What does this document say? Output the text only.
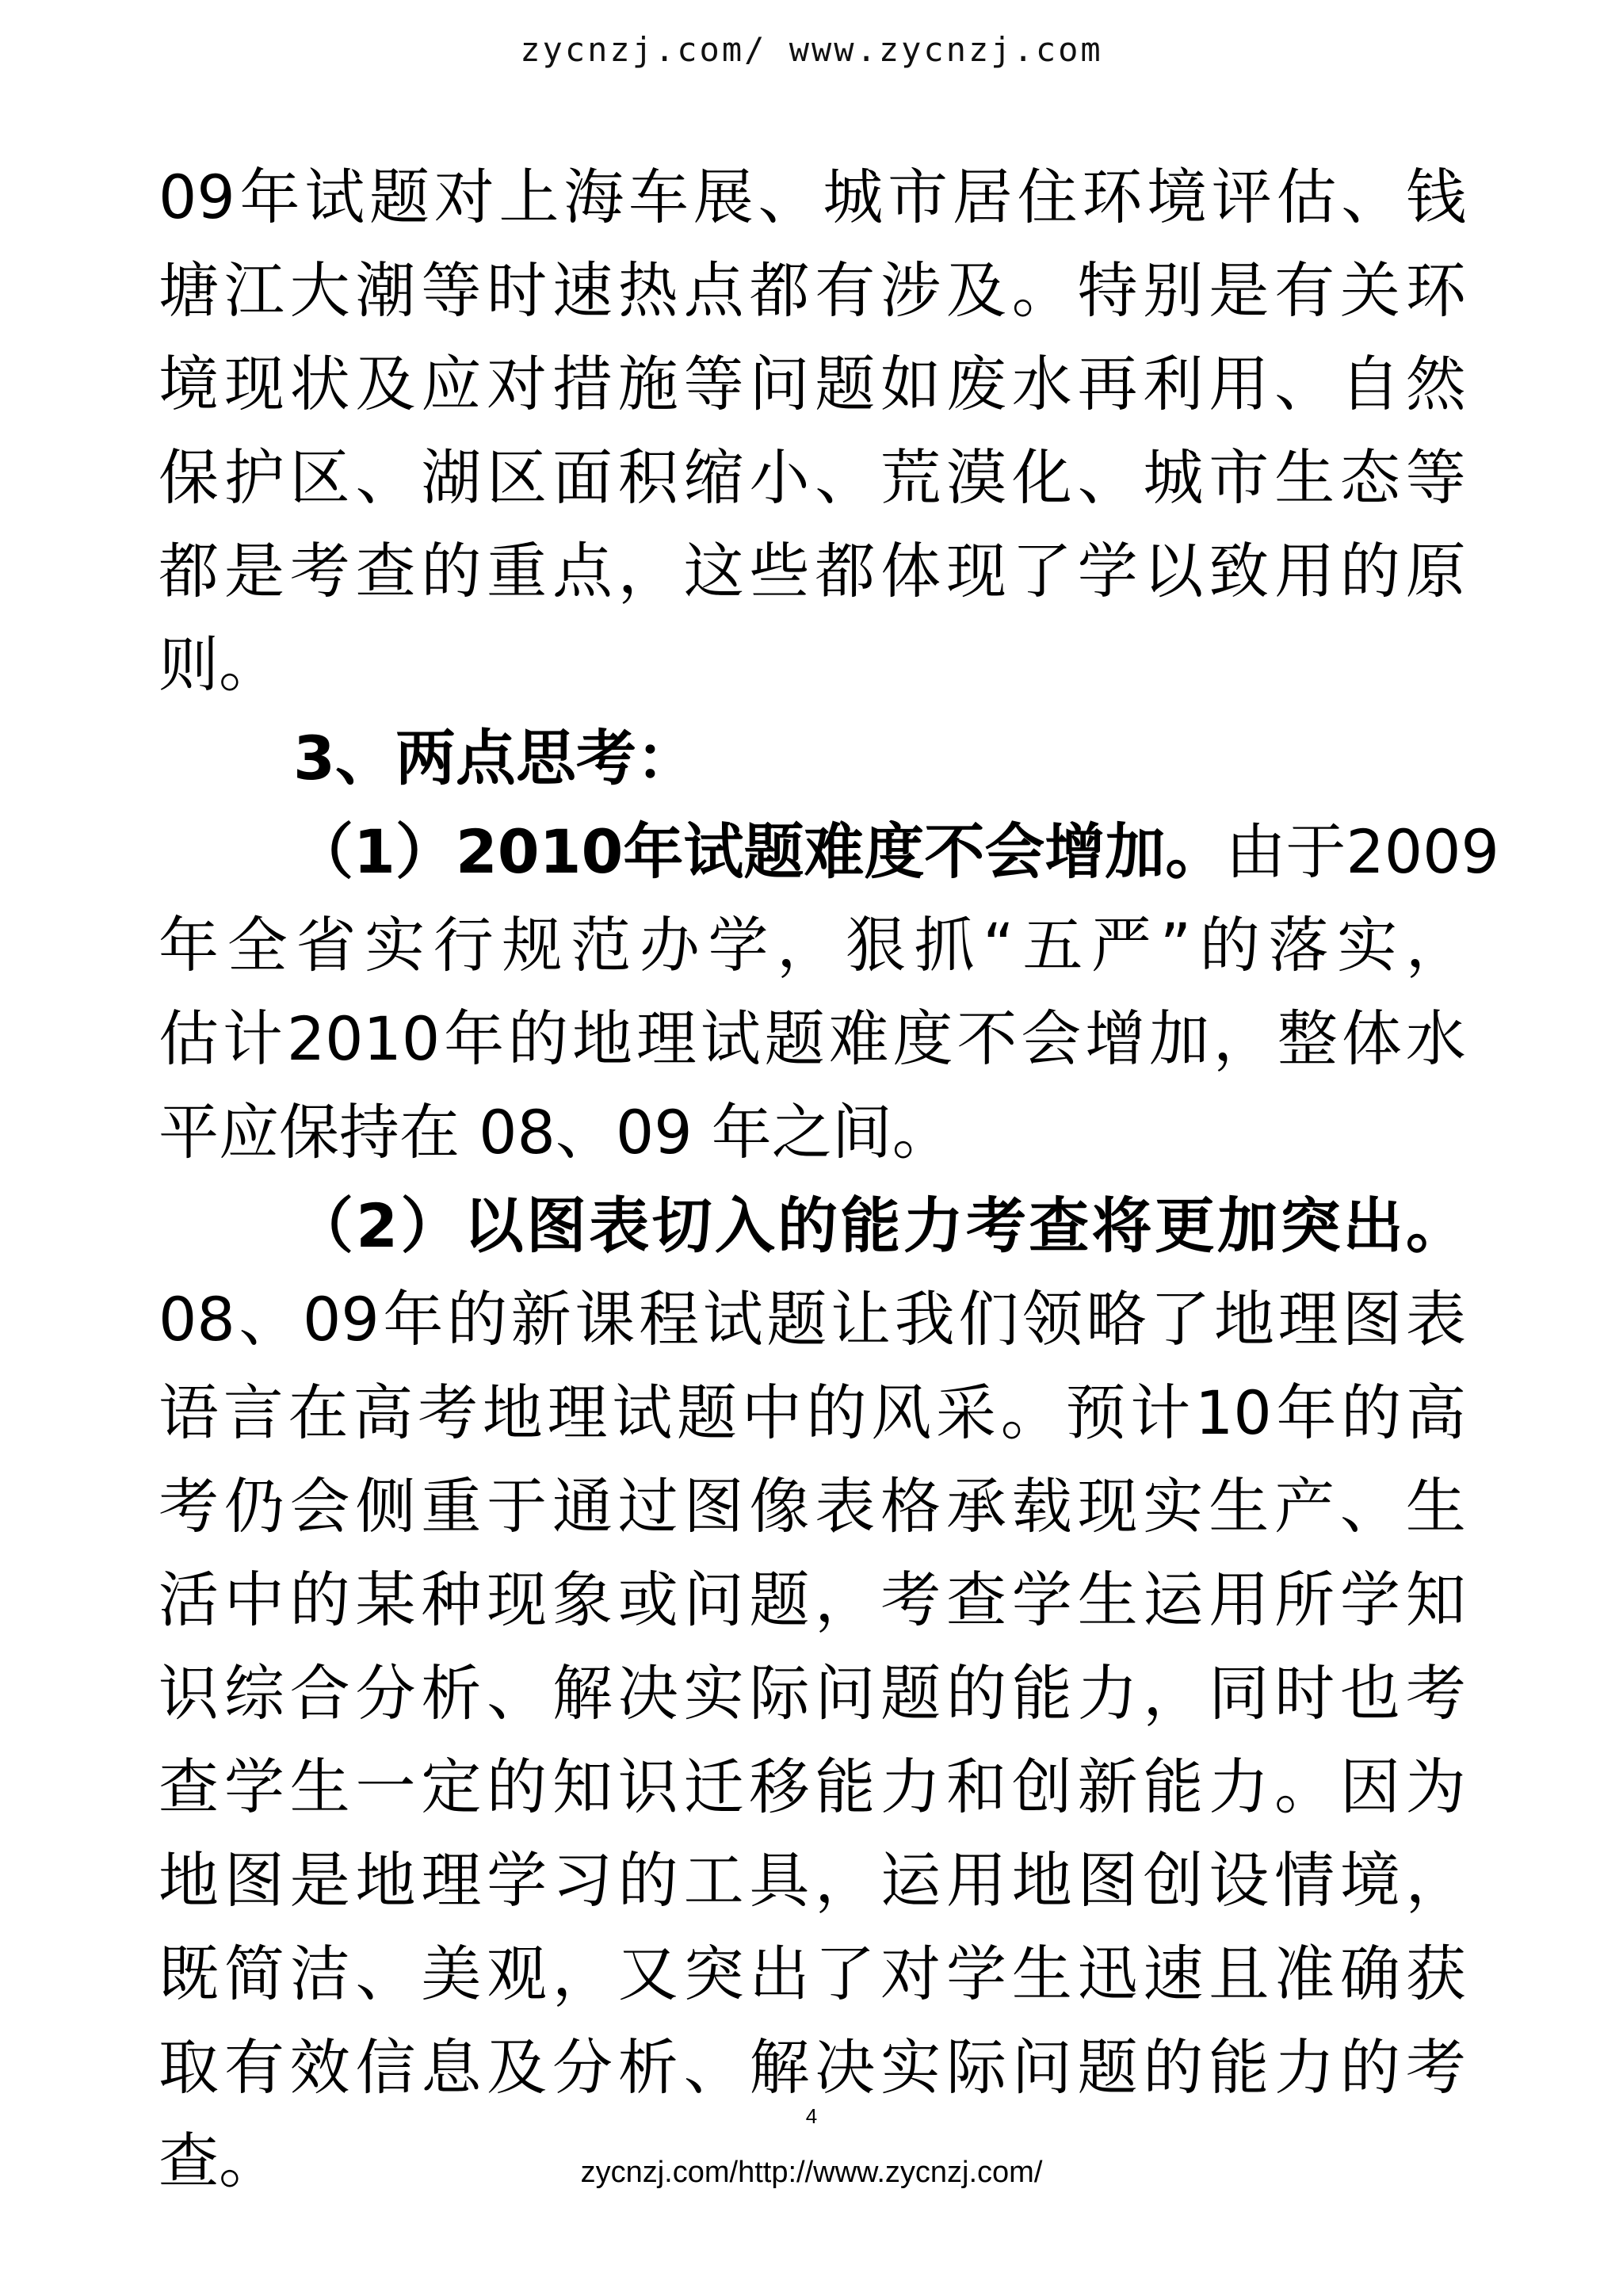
zycnzj.com/ www.zycnzj.com
09 年 试 题 对 上 海 车 展 、 城 市 居 住 环 境 评 估 、 钱
塘 江 大 潮 等 时 速 热 点 都 有 涉 及 。 特 别 是 有 关 环
境 现 状 及 应 对 措 施 等 问 题 如 废 水 再 利 用 、 自 然
保 护 区 、 湖 区 面 积 缩 小 、 荒 漠 化 、 城 市 生 态 等
都 是 考 查 的 重 点 ， 这 些 都 体 现 了 学 以 致 用 的 原
则。
3、两点思考：
（ 1 ） 2010 年 试 题 难 度 不 会 增 加 。 由 于 2009
年 全 省 实 行 规 范 办 学 ， 狠 抓 “ 五 严 ” 的 落 实 ，
估 计 2010 年 的 地 理 试 题 难 度 不 会 增 加 ， 整 体 水
平应保持在 08、09 年之间。
（ 2 ） 以 图 表 切 入 的 能 力 考 查 将 更 加 突 出 。
08 、 09 年 的 新 课 程 试 题 让 我 们 领 略 了 地 理 图 表
语 言 在 高 考 地 理 试 题 中 的 风 采 。 预 计 10 年 的 高
考 仍 会 侧 重 于 通 过 图 像 表 格 承 载 现 实 生 产 、 生
活 中 的 某 种 现 象 或 问 题 ， 考 查 学 生 运 用 所 学 知
识 综 合 分 析 、 解 决 实 际 问 题 的 能 力 ， 同 时 也 考
查 学 生 一 定 的 知 识 迁 移 能 力 和 创 新 能 力 。 因 为
地 图 是 地 理 学 习 的 工 具 ， 运 用 地 图 创 设 情 境 ，
既 简 洁 、 美 观 ， 又 突 出 了 对 学 生 迅 速 且 准 确 获
取 有 效 信 息 及 分 析 、 解 决 实 际 问 题 的 能 力 的 考
查。
4
zycnzj.com/http://www.zycnzj.com/
